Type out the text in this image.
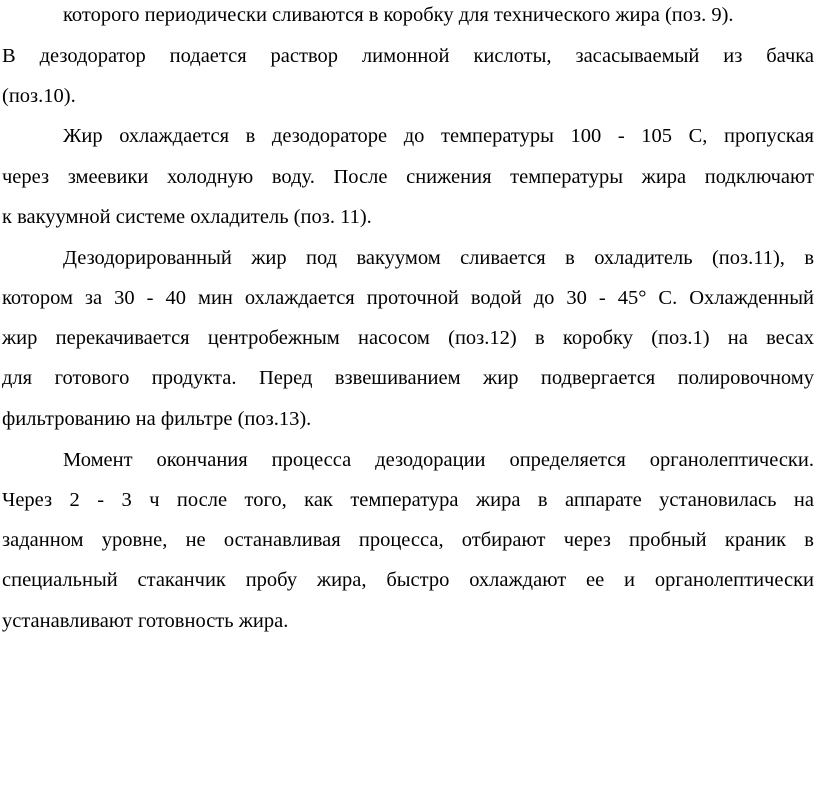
которого периодически сливаются в коробку для технического жира (поз. 9).
В дезодоратор подается раствор лимонной кислоты, засасываемый из бачка
(поз.10).
Жир охлаждается в дезодораторе до температуры 100 - 105 С, пропуская
через змеевики холодную воду. После снижения температуры жира подключают
к вакуумной системе охладитель (поз. 11).
Дезодорированный жир под вакуумом сливается в охладитель (поз.11), в
котором за 30 - 40 мин охлаждается проточной водой до 30 - 45° С. Охлажденный
жир перекачивается центробежным насосом (поз.12) в коробку (поз.1) на весах
для готового продукта. Перед взвешиванием жир подвергается полировочному
фильтрованию на фильтре (поз.13).
Момент окончания процесса дезодорации определяется органолептически.
Через 2 - 3 ч после того, как температура жира в аппарате установилась на
заданном уровне, не останавливая процесса, отбирают через пробный краник в
специальный стаканчик пробу жира, быстро охлаждают ее и органолептически
устанавливают готовность жира.
